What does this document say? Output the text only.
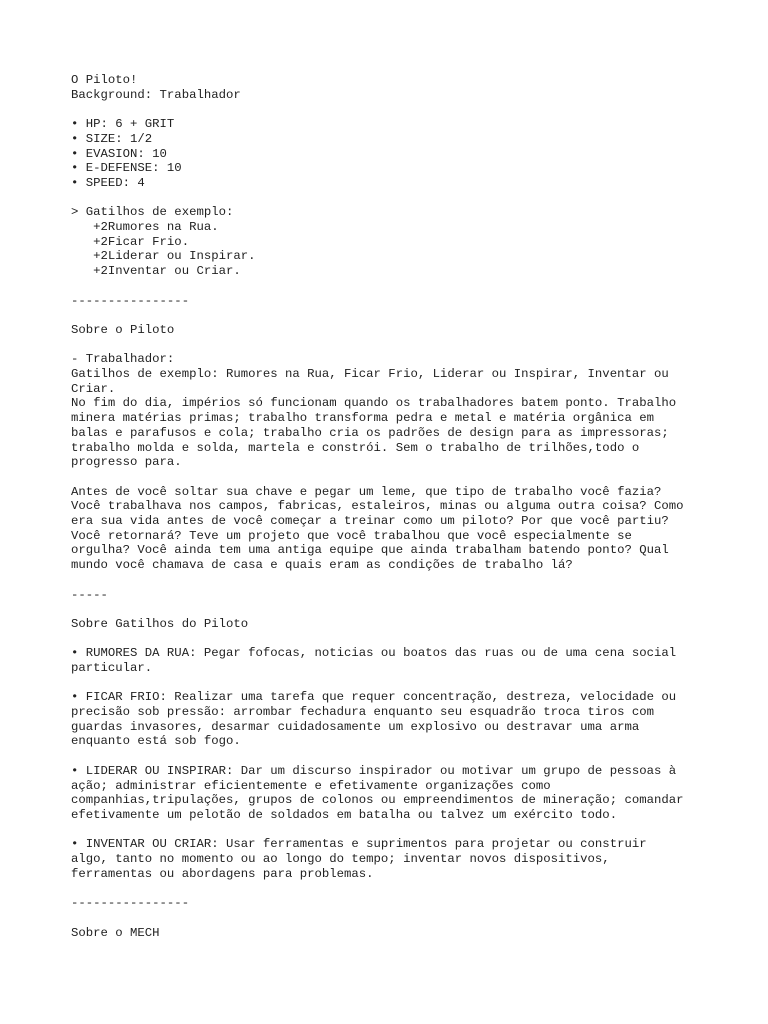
O Piloto!
Background: Trabalhador
• HP: 6 + GRIT
• SIZE: 1/2
• EVASION: 10
• E-DEFENSE: 10
• SPEED: 4
> Gatilhos de exemplo:
+2Rumores na Rua.
+2Ficar Frio.
+2Liderar ou Inspirar.
+2Inventar ou Criar.
----------------
Sobre o Piloto
- Trabalhador:
Gatilhos de exemplo: Rumores na Rua, Ficar Frio, Liderar ou Inspirar, Inventar ou
Criar.
No fim do dia, impérios só funcionam quando os trabalhadores batem ponto. Trabalho
minera matérias primas; trabalho transforma pedra e metal e matéria orgânica em
balas e parafusos e cola; trabalho cria os padrões de design para as impressoras;
trabalho molda e solda, martela e constrói. Sem o trabalho de trilhões,todo o
progresso para.
Antes de você soltar sua chave e pegar um leme, que tipo de trabalho você fazia?
Você trabalhava nos campos, fabricas, estaleiros, minas ou alguma outra coisa? Como
era sua vida antes de você começar a treinar como um piloto? Por que você partiu?
Você retornará? Teve um projeto que você trabalhou que você especialmente se
orgulha? Você ainda tem uma antiga equipe que ainda trabalham batendo ponto? Qual
mundo você chamava de casa e quais eram as condições de trabalho lá?
-----
Sobre Gatilhos do Piloto
• RUMORES DA RUA: Pegar fofocas, noticias ou boatos das ruas ou de uma cena social
particular.
• FICAR FRIO: Realizar uma tarefa que requer concentração, destreza, velocidade ou
precisão sob pressão: arrombar fechadura enquanto seu esquadrão troca tiros com
guardas invasores, desarmar cuidadosamente um explosivo ou destravar uma arma
enquanto está sob fogo.
• LIDERAR OU INSPIRAR: Dar um discurso inspirador ou motivar um grupo de pessoas à
ação; administrar eficientemente e efetivamente organizações como
companhias,tripulações, grupos de colonos ou empreendimentos de mineração; comandar
efetivamente um pelotão de soldados em batalha ou talvez um exército todo.
• INVENTAR OU CRIAR: Usar ferramentas e suprimentos para projetar ou construir
algo, tanto no momento ou ao longo do tempo; inventar novos dispositivos,
ferramentas ou abordagens para problemas.
----------------
Sobre o MECH
